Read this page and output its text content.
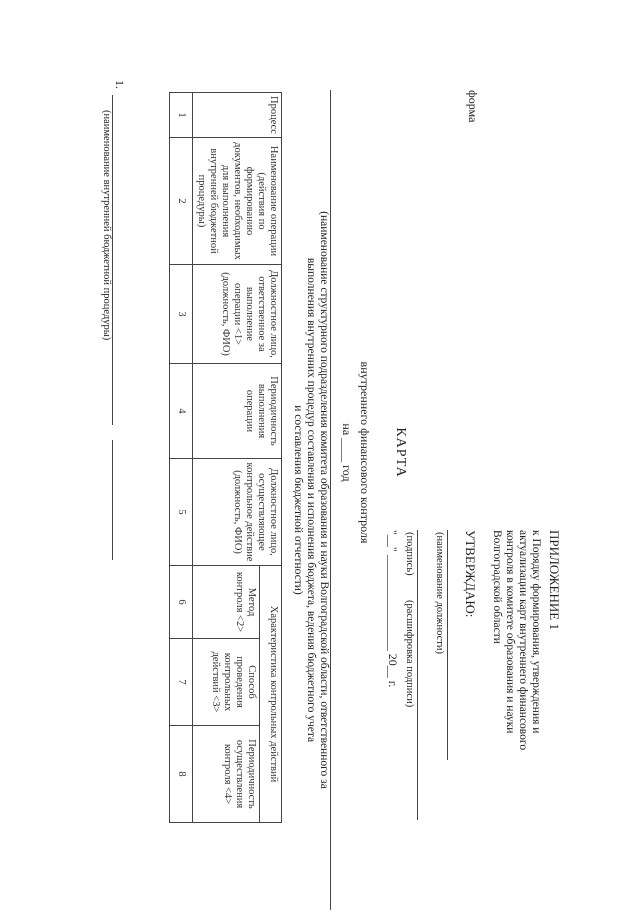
ПРИЛОЖЕНИЕ 1
к Порядку формирования, утверждения и
актуализации карт внутреннего финансового
контроля в комитете образования и науки
Волгоградской области
УТВЕРЖДАЮ:
(наименование должности)
(подпись)
(расшифровка подписи)
"__" ________________ 20__ г.
форма
КАРТА
внутреннего финансового контроля
на ____ год
(наименование структурного подразделения комитета образования и науки Волгоградской области, ответственного за
выполнения внутренних процедур составления и исполнения бюджета, ведения бюджетного учета
и составления бюджетной отчетности)
Процесс	Наименование операции (действия по формированию документов, необходимых для выполнения внутренней бюджетной процедуры)	Должностное лицо, ответственное за выполнение операции <1> (должность, ФИО)	Периодичность выполнения операции	Должностное лицо, осуществляющее контрольное действие (должность, ФИО)	Характеристика контрольных действий		
					Метод контроля <2>	Способ проведения контрольных действий <3>	Периодичность осуществления контроля <4>
1	2	3	4	5	6	7	8
1.
(наименование внутренней бюджетной процедуры)
